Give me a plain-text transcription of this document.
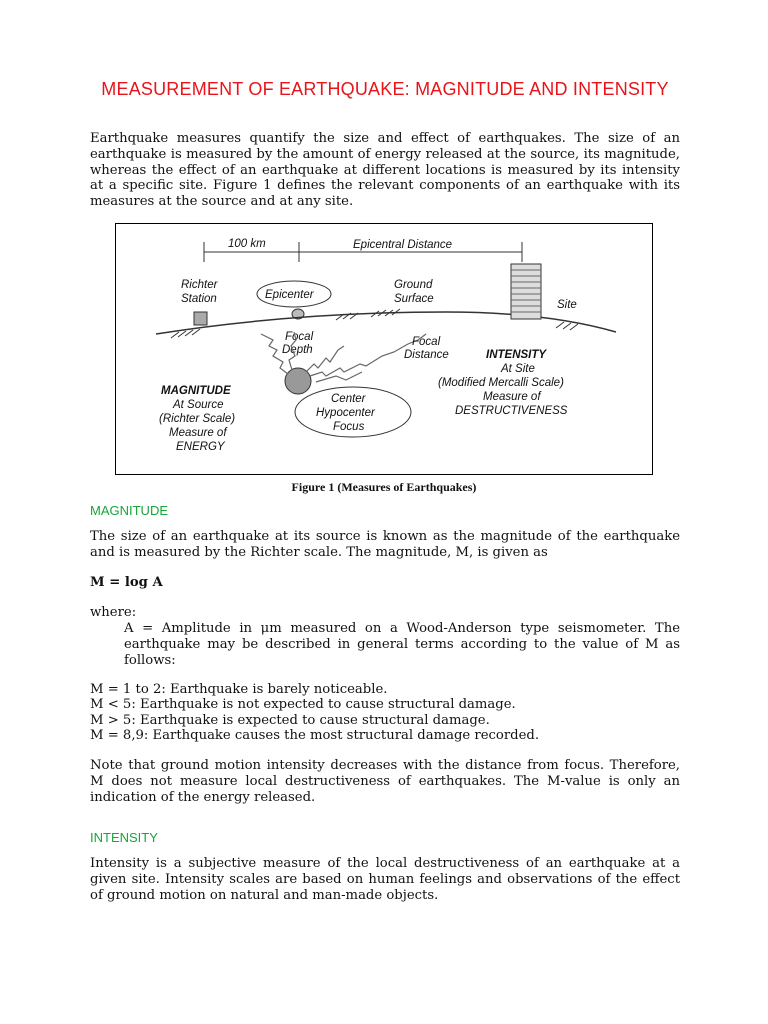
MEASUREMENT OF EARTHQUAKE: MAGNITUDE AND INTENSITY

Earthquake measures quantify the size and effect of earthquakes. The size of an earthquake is measured by the amount of energy released at the source, its magnitude, whereas the effect of an earthquake at different locations is measured by its intensity at a specific site. Figure 1 defines the relevant components of an earthquake with its measures at the source and at any site.

100 km	Epicentral Distance
Richter
Station	Epicenter
Ground
Surface	Site
Focal
Depth
Focal
Distance	INTENSITY
At Site
(Modified Mercalli Scale)
Measure of
DESTRUCTIVENESS
MAGNITUDE
At Source
(Richter Scale)
Measure of
ENERGY
Center
Hypocenter
Focus

Figure 1 (Measures of Earthquakes)

MAGNITUDE

The size of an earthquake at its source is known as the magnitude of the earthquake and is measured by the Richter scale. The magnitude, M, is given as

M = log A

where:

A = Amplitude in μm measured on a Wood-Anderson type seismometer. The earthquake may be described in general terms according to the value of M as follows:

M = 1 to 2: Earthquake is barely noticeable.
M < 5: Earthquake is not expected to cause structural damage.
M > 5: Earthquake is expected to cause structural damage.
M = 8,9: Earthquake causes the most structural damage recorded.

Note that ground motion intensity decreases with the distance from focus. Therefore, M does not measure local destructiveness of earthquakes. The M-value is only an indication of the energy released.

INTENSITY

Intensity is a subjective measure of the local destructiveness of an earthquake at a given site. Intensity scales are based on human feelings and observations of the effect of ground motion on natural and man-made objects.
